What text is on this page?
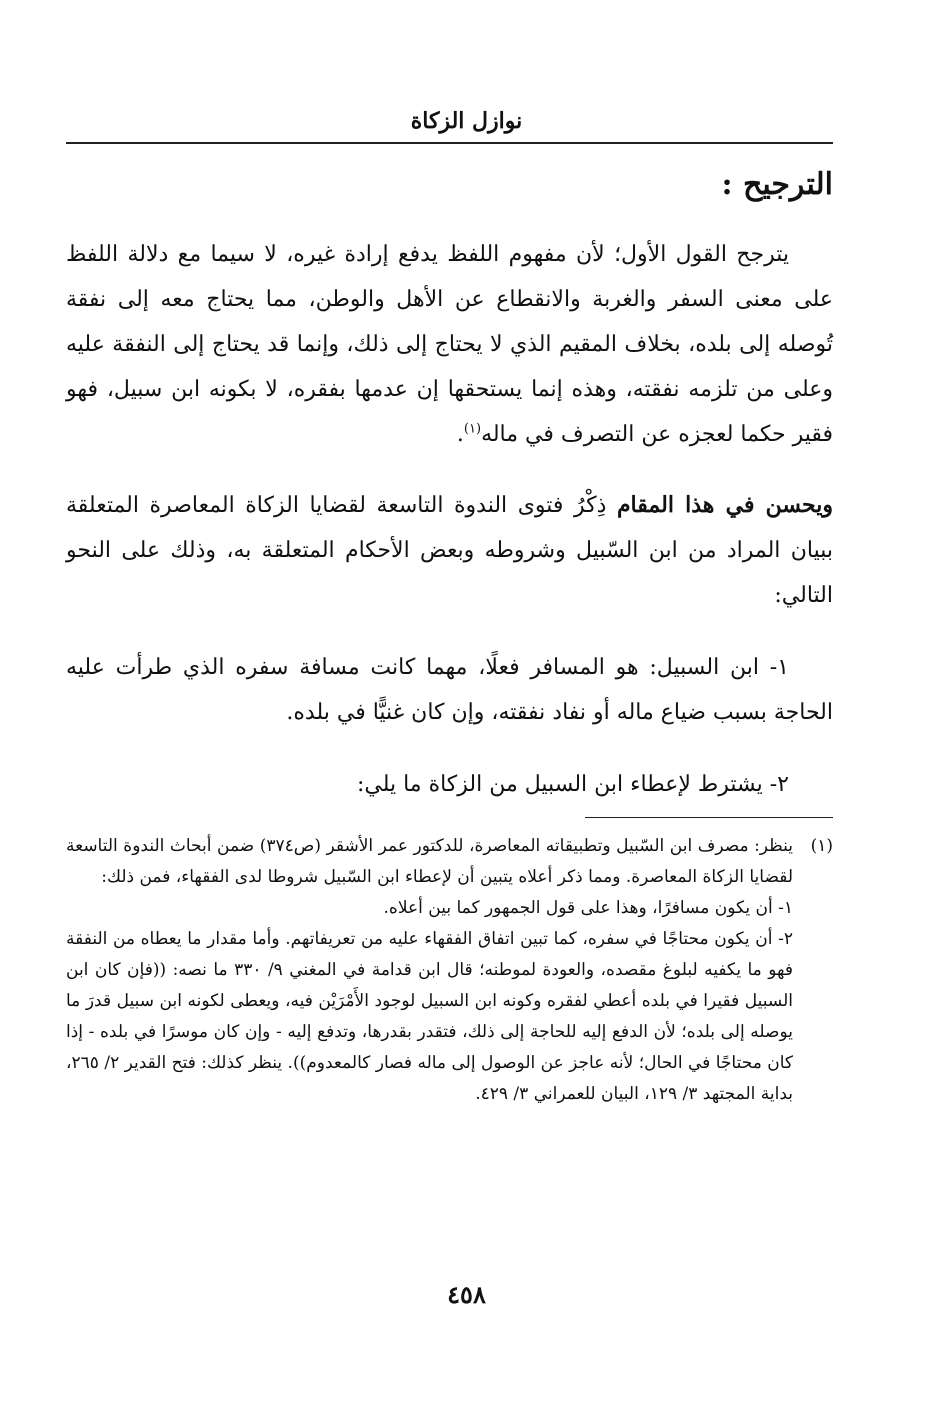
نوازل الزكاة
الترجيح :

يترجح القول الأول؛ لأن مفهوم اللفظ يدفع إرادة غيره، لا سيما مع دلالة اللفظ على معنى السفر والغربة والانقطاع عن الأهل والوطن، مما يحتاج معه إلى نفقة تُوصله إلى بلده، بخلاف المقيم الذي لا يحتاج إلى ذلك، وإنما قد يحتاج إلى النفقة عليه وعلى من تلزمه نفقته، وهذه إنما يستحقها إن عدمها بفقره، لا بكونه ابن سبيل، فهو فقير حكما لعجزه عن التصرف في ماله$^{(١)}$.

ويحسن في هذا المقام ذِكْرُ فتوى الندوة التاسعة لقضايا الزكاة المعاصرة المتعلقة ببيان المراد من ابن السّبيل وشروطه وبعض الأحكام المتعلقة به، وذلك على النحو التالي:

١- ابن السبيل: هو المسافر فعلًا، مهما كانت مسافة سفره الذي طرأت عليه الحاجة بسبب ضياع ماله أو نفاد نفقته، وإن كان غنيًّا في بلده.

٢- يشترط لإعطاء ابن السبيل من الزكاة ما يلي:

(١)

ينظر: مصرف ابن السّبيل وتطبيقاته المعاصرة، للدكتور عمر الأشقر (ص٣٧٤) ضمن أبحاث الندوة التاسعة لقضايا الزكاة المعاصرة. ومما ذكر أعلاه يتبين أن لإعطاء ابن السّبيل شروطا لدى الفقهاء، فمن ذلك:

١- أن يكون مسافرًا، وهذا على قول الجمهور كما بين أعلاه.

٢- أن يكون محتاجًا في سفره، كما تبين اتفاق الفقهاء عليه من تعريفاتهم. وأما مقدار ما يعطاه من النفقة فهو ما يكفيه لبلوغ مقصده، والعودة لموطنه؛ قال ابن قدامة في المغني ٩/ ٣٣٠ ما نصه: ((فإن كان ابن السبيل فقيرا في بلده أعطي لفقره وكونه ابن السبيل لوجود الأَمْرَيْن فيه، ويعطى لكونه ابن سبيل قدرَ ما يوصله إلى بلده؛ لأن الدفع إليه للحاجة إلى ذلك، فتقدر بقدرها، وتدفع إليه - وإن كان موسرًا في بلده - إذا كان محتاجًا في الحال؛ لأنه عاجز عن الوصول إلى ماله فصار كالمعدوم)). ينظر كذلك: فتح القدير ٢/ ٢٦٥، بداية المجتهد ٣/ ١٢٩، البيان للعمراني ٣/ ٤٢٩.

٤٥٨
